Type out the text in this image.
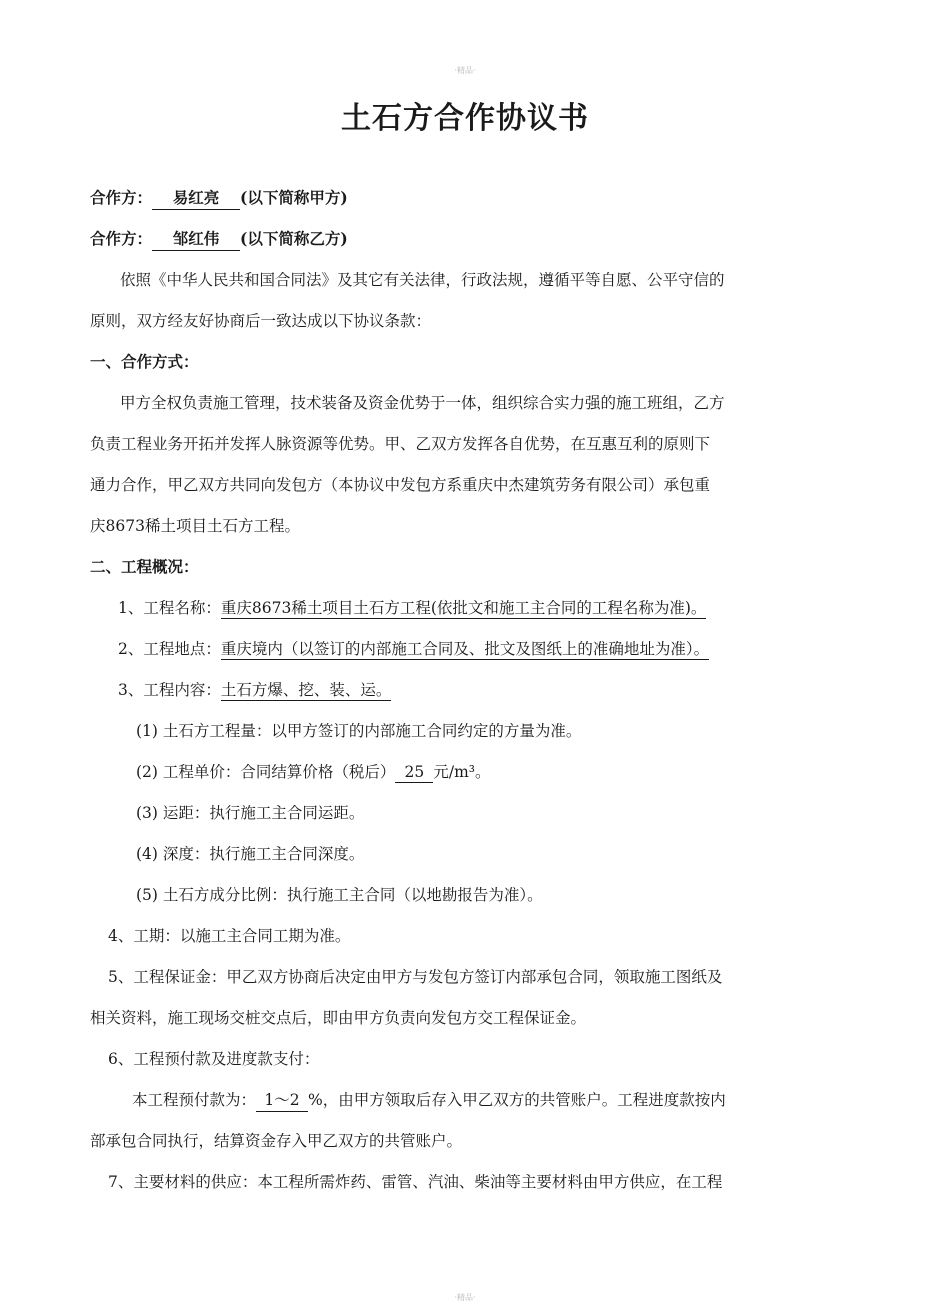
·精品·
土石方合作协议书
合作方： 易红亮 (以下简称甲方)
合作方： 邹红伟 (以下简称乙方)
依照《中华人民共和国合同法》及其它有关法律，行政法规，遵循平等自愿、公平守信的
原则，双方经友好协商后一致达成以下协议条款：
一、合作方式：
甲方全权负责施工管理，技术装备及资金优势于一体，组织综合实力强的施工班组，乙方
负责工程业务开拓并发挥人脉资源等优势。甲、乙双方发挥各自优势，在互惠互利的原则下
通力合作，甲乙双方共同向发包方（本协议中发包方系重庆中杰建筑劳务有限公司）承包重
庆8673稀土项目土石方工程。
二、工程概况：
1、工程名称：重庆8673稀土项目土石方工程(依批文和施工主合同的工程名称为准)。
2、工程地点：重庆境内（以签订的内部施工合同及、批文及图纸上的准确地址为准）。
3、工程内容：土石方爆、挖、装、运。
(1) 土石方工程量：以甲方签订的内部施工合同约定的方量为准。
(2) 工程单价：合同结算价格（税后） 25 元/m³。
(3) 运距：执行施工主合同运距。
(4) 深度：执行施工主合同深度。
(5) 土石方成分比例：执行施工主合同（以地勘报告为准）。
4、工期：以施工主合同工期为准。
5、工程保证金：甲乙双方协商后决定由甲方与发包方签订内部承包合同，领取施工图纸及
相关资料，施工现场交桩交点后，即由甲方负责向发包方交工程保证金。
6、工程预付款及进度款支付：
本工程预付款为： 1～2 %，由甲方领取后存入甲乙双方的共管账户。工程进度款按内
部承包合同执行，结算资金存入甲乙双方的共管账户。
7、主要材料的供应：本工程所需炸药、雷管、汽油、柴油等主要材料由甲方供应，在工程
·精品·
